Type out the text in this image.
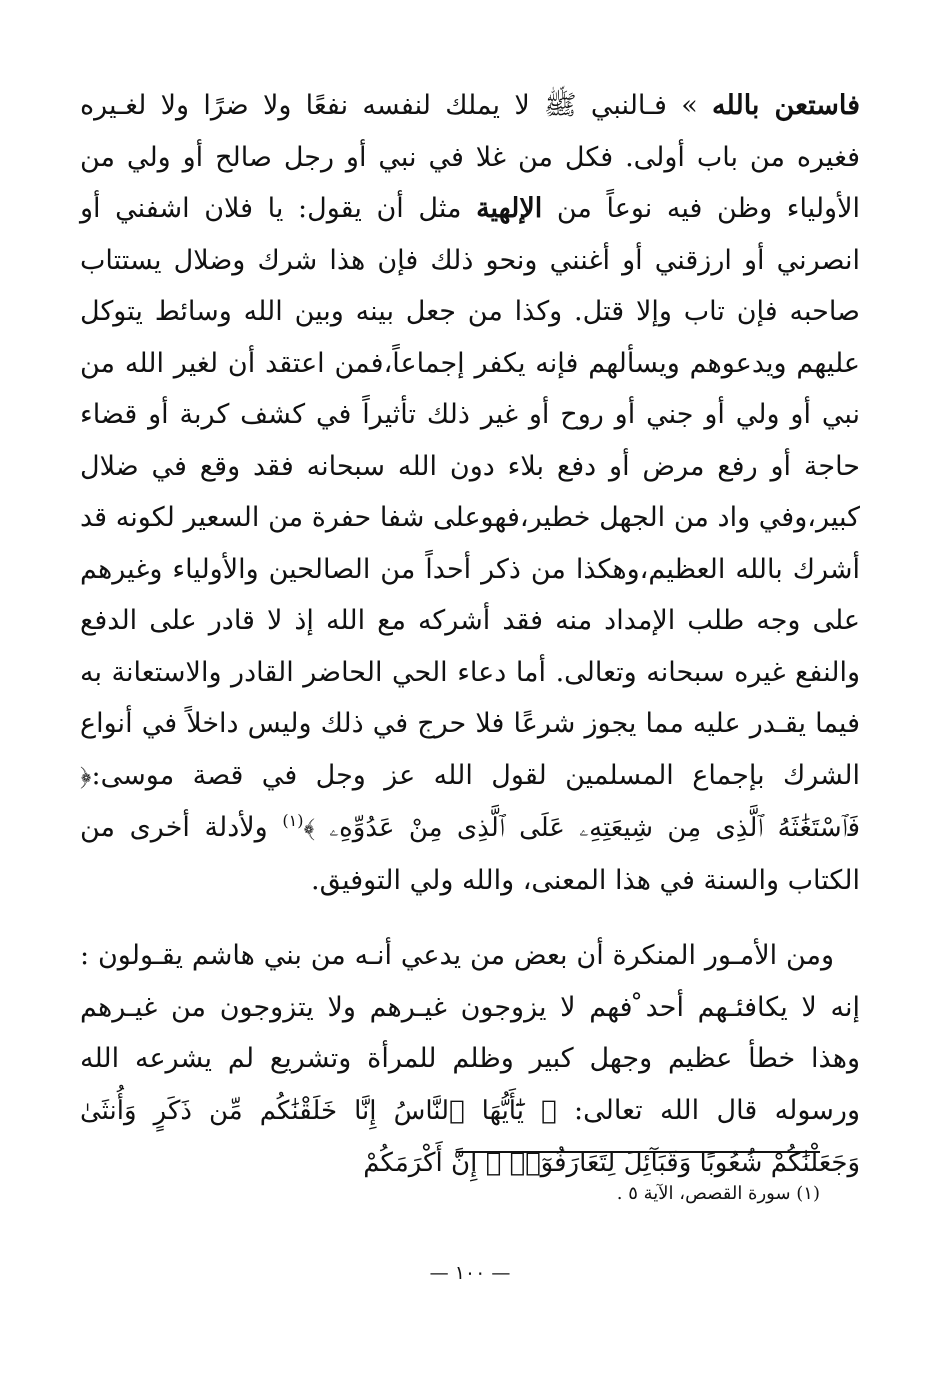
فاستعن بالله » فـالنبي ﷺ لا يملك لنفسه نفعًا ولا ضرًا ولا لغـيره فغيره من باب أولى. فكل من غلا في نبي أو رجل صالح أو ولي من الأولياء وظن فيه نوعاً من الإلهية مثل أن يقول: يا فلان اشفني أو انصرني أو ارزقني أو أغنني ونحو ذلك فإن هذا شرك وضلال يستتاب صاحبه فإن تاب وإلا قتل. وكذا من جعل بينه وبين الله وسائط يتوكل عليهم ويدعوهم ويسألهم فإنه يكفر إجماعاً،فمن اعتقد أن لغير الله من نبي أو ولي أو جني أو روح أو غير ذلك تأثيراً في كشف كربة أو قضاء حاجة أو رفع مرض أو دفع بلاء دون الله سبحانه فقد وقع في ضلال كبير،وفي واد من الجهل خطير،فهوعلى شفا حفرة من السعير لكونه قد أشرك بالله العظيم،وهكذا من ذكر أحداً من الصالحين والأولياء وغيرهم على وجه طلب الإمداد منه فقد أشركه مع الله إذ لا قادر على الدفع والنفع غيره سبحانه وتعالى. أما دعاء الحي الحاضر القادر والاستعانة به فيما يقـدر عليه مما يجوز شرعًا فلا حرج في ذلك وليس داخلاً في أنواع الشرك بإجماع المسلمين لقول الله عز وجل في قصة موسى:﴿ فَٱسْتَغَٰثَهُ ٱلَّذِى مِن شِيعَتِهِۦ عَلَى ٱلَّذِى مِنْ عَدُوِّهِۦ ﴾$^{(١)}$ ولأدلة أخرى من الكتاب والسنة في هذا المعنى، والله ولي التوفيق.

ومن الأمـور المنكرة أن بعض من يدعي أنـه من بني هاشم يقـولون : إنه لا يكافئـهم أحد ْفهم لا يزوجون غيـرهم ولا يتزوجون من غيـرهم وهذا خطأ عظيم وجهل كبير وظلم للمرأة وتشريع لم يشرعه الله ورسوله قال الله تعالى: ﴿ يَٰٓأَيُّهَا ٱلنَّاسُ إِنَّا خَلَقْنَٰكُم مِّن ذَكَرٍ وَأُنثَىٰ وَجَعَلْنَٰكُمْ شُعُوبًا وَقَبَآئِلَ لِتَعَارَفُوٓا۟ ۚ إِنَّ أَكْرَمَكُمْ

(١) سورة القصص، الآية ٥ .
— ١٠٠ —
